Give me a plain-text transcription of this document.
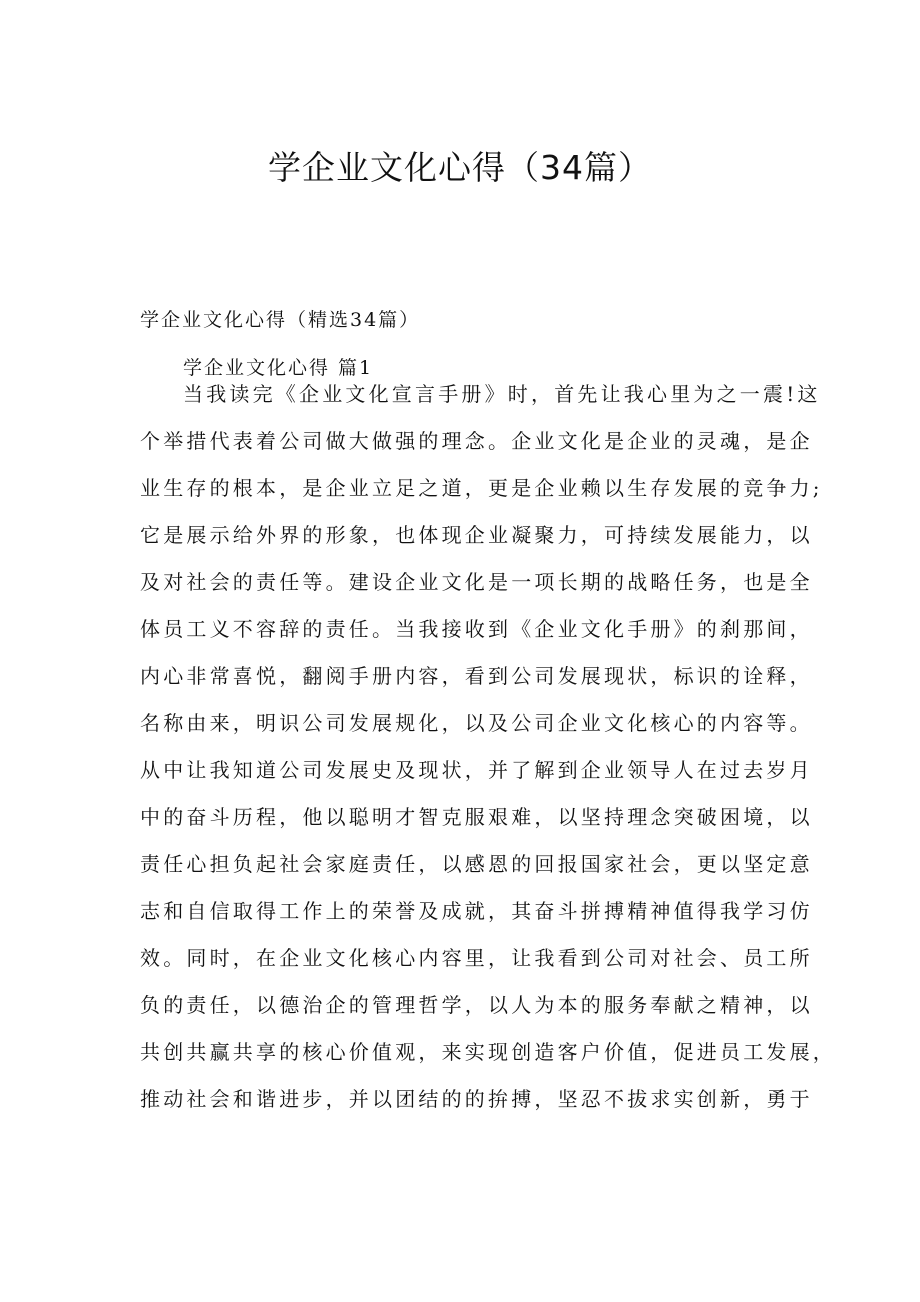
学企业文化心得（34篇）
学企业文化心得（精选34篇）
学企业文化心得 篇1
当我读完《企业文化宣言手册》时，首先让我心里为之一震!这
个举措代表着公司做大做强的理念。企业文化是企业的灵魂，是企
业生存的根本，是企业立足之道，更是企业赖以生存发展的竞争力;
它是展示给外界的形象，也体现企业凝聚力，可持续发展能力，以
及对社会的责任等。建设企业文化是一项长期的战略任务，也是全
体员工义不容辞的责任。当我接收到《企业文化手册》的刹那间，
内心非常喜悦，翻阅手册内容，看到公司发展现状，标识的诠释，
名称由来，明识公司发展规化，以及公司企业文化核心的内容等。
从中让我知道公司发展史及现状，并了解到企业领导人在过去岁月
中的奋斗历程，他以聪明才智克服艰难，以坚持理念突破困境，以
责任心担负起社会家庭责任，以感恩的回报国家社会，更以坚定意
志和自信取得工作上的荣誉及成就，其奋斗拼搏精神值得我学习仿
效。同时，在企业文化核心内容里，让我看到公司对社会、员工所
负的责任，以德治企的管理哲学，以人为本的服务奉献之精神，以
共创共赢共享的核心价值观，来实现创造客户价值，促进员工发展，
推动社会和谐进步，并以团结的的拚搏，坚忍不拔求实创新，勇于
